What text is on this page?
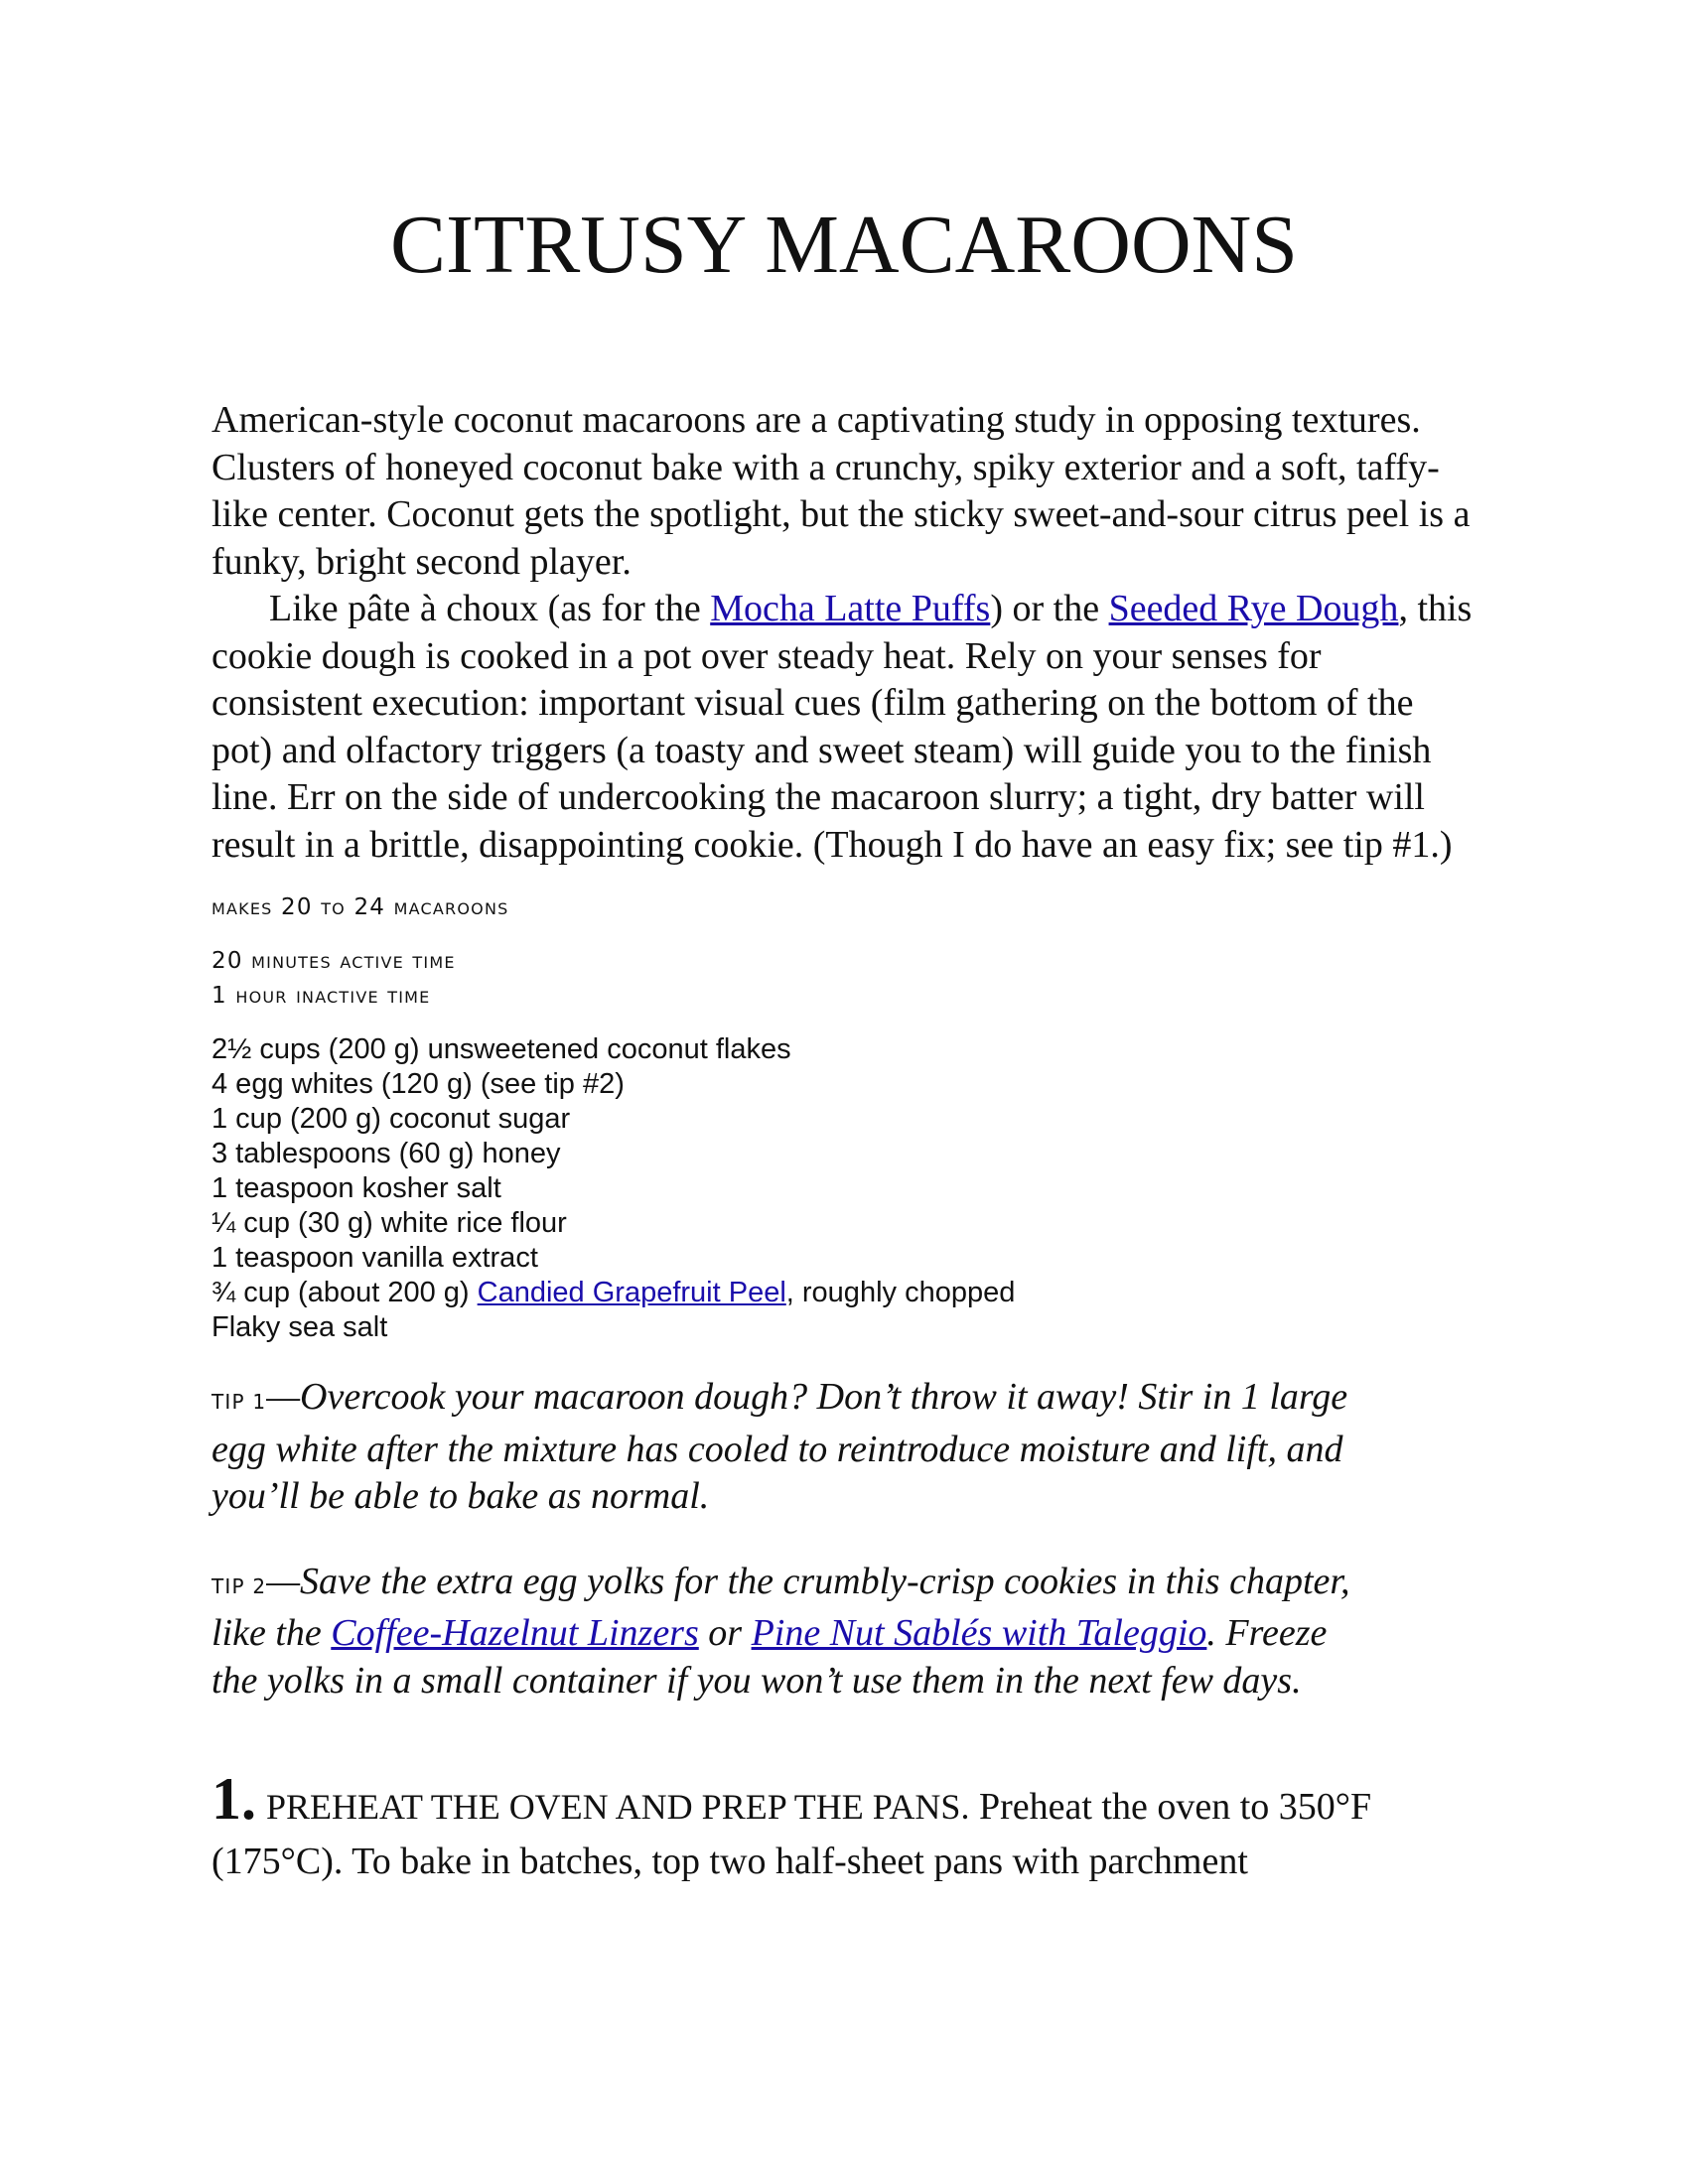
CITRUSY MACAROONS

American-style coconut macaroons are a captivating study in opposing textures. Clusters of honeyed coconut bake with a crunchy, spiky exterior and a soft, taffy-like center. Coconut gets the spotlight, but the sticky sweet-and-sour citrus peel is a funky, bright second player.

Like pâte à choux (as for the Mocha Latte Puffs) or the Seeded Rye Dough, this cookie dough is cooked in a pot over steady heat. Rely on your senses for consistent execution: important visual cues (film gathering on the bottom of the pot) and olfactory triggers (a toasty and sweet steam) will guide you to the finish line. Err on the side of undercooking the macaroon slurry; a tight, dry batter will result in a brittle, disappointing cookie. (Though I do have an easy fix; see tip #1.)

makes 20 to 24 macaroons

20 minutes active time

1 hour inactive time

2½ cups (200 g) unsweetened coconut flakes
4 egg whites (120 g) (see tip #2)
1 cup (200 g) coconut sugar
3 tablespoons (60 g) honey
1 teaspoon kosher salt
¼ cup (30 g) white rice flour
1 teaspoon vanilla extract
¾ cup (about 200 g) Candied Grapefruit Peel, roughly chopped
Flaky sea salt

TIP 1—Overcook your macaroon dough? Don’t throw it away! Stir in 1 large egg white after the mixture has cooled to reintroduce moisture and lift, and you’ll be able to bake as normal.

TIP 2—Save the extra egg yolks for the crumbly-crisp cookies in this chapter, like the Coffee-Hazelnut Linzers or Pine Nut Sablés with Taleggio. Freeze the yolks in a small container if you won’t use them in the next few days.

1. PREHEAT THE OVEN AND PREP THE PANS. Preheat the oven to 350°F (175°C). To bake in batches, top two half-sheet pans with parchment
